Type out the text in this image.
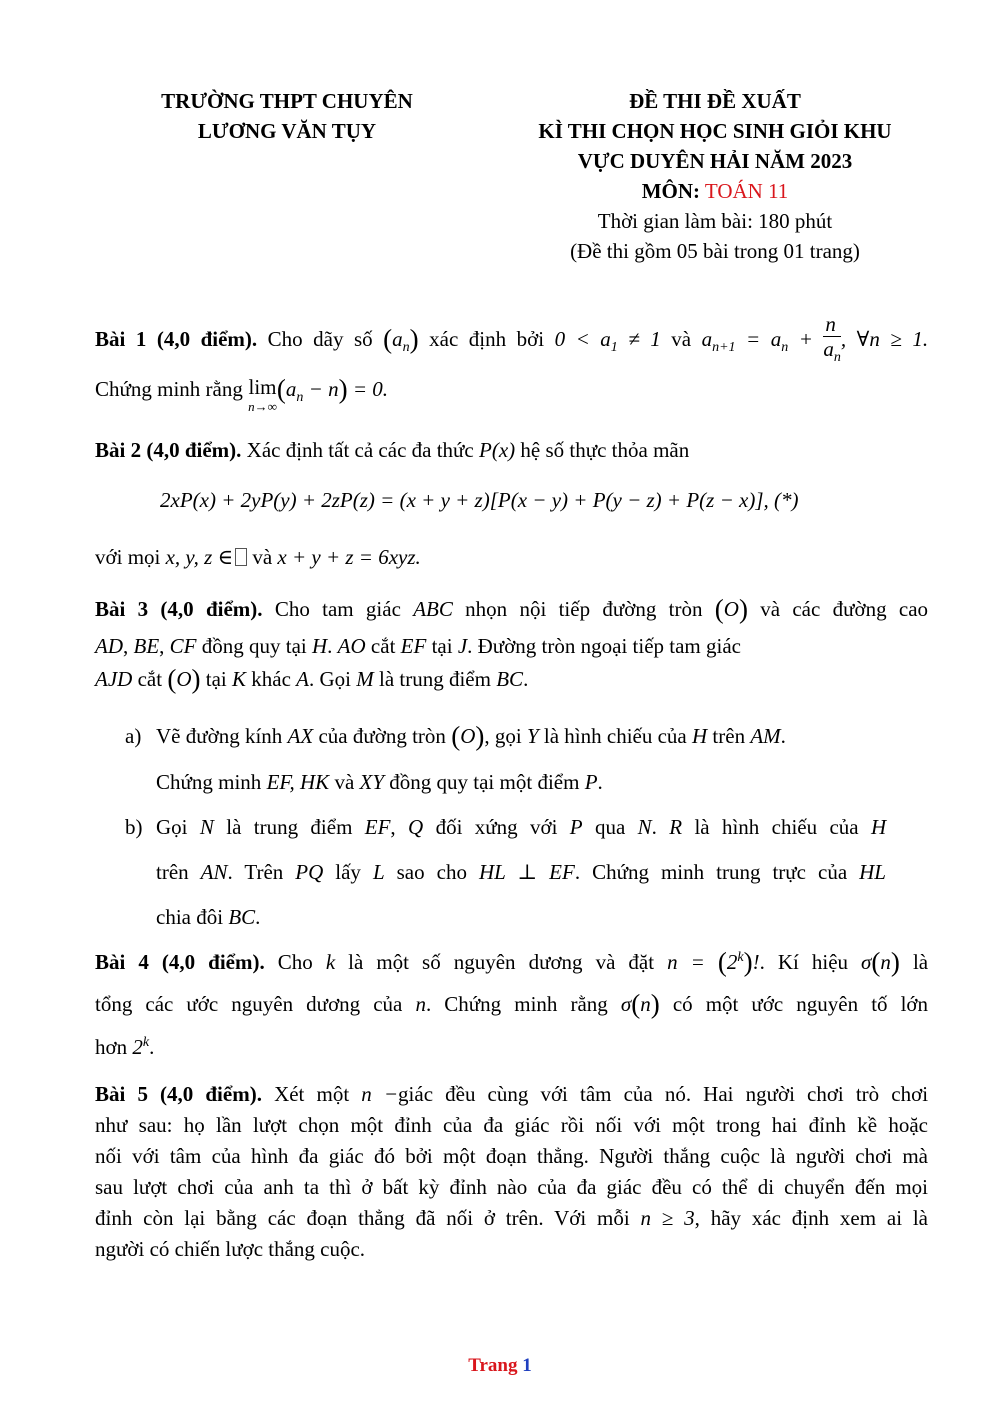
TRƯỜNG THPT CHUYÊN
LƯƠNG VĂN TỤY
ĐỀ THI ĐỀ XUẤT
KÌ THI CHỌN HỌC SINH GIỎI KHU
VỰC DUYÊN HẢI NĂM 2023
MÔN: TOÁN 11
Thời gian làm bài: 180 phút
(Đề thi gồm 05 bài trong 01 trang)
Bài 1 (4,0 điểm). Cho dãy số $(a_n)$ xác định bởi $0 < a_1 \ne 1$ và $a_{n+1} = a_n + \frac{n}{a_n}$ , ∀n ≥ 1.
Chứng minh rằng lim
n→∞
$(a_n - n) = 0$.
Bài 2 (4,0 điểm). Xác định tất cả các đa thức P(x) hệ số thực thỏa mãn
2xP(x) + 2yP(y) + 2zP(z) = (x + y + z)[P(x − y) + P(y − z) + P(z − x)], (*)
với mọi x, y, z ∈ và x + y + z = 6xyz.
Bài 3 (4,0 điểm). Cho tam giác ABC nhọn nội tiếp đường tròn (O) và các đường cao
AD, BE, CF đồng quy tại H. AO cắt EF tại J. Đường tròn ngoại tiếp tam giác
AJD cắt (O) tại K khác A. Gọi M là trung điểm BC.
a) Vẽ đường kính AX của đường tròn (O), gọi Y là hình chiếu của H trên AM.
Chứng minh EF, HK và XY đồng quy tại một điểm P.
b) Gọi N là trung điểm EF, Q đối xứng với P qua N. R là hình chiếu của H
trên AN. Trên PQ lấy L sao cho HL ⊥ EF. Chứng minh trung trực của HL
chia đôi BC.
Bài 4 (4,0 điểm). Cho k là một số nguyên dương và đặt $n = (2^k)$!. Kí hiệu σ(n) là
tổng các ước nguyên dương của n. Chứng minh rằng σ(n) có một ước nguyên tố lớn
hơn 2$^k$.
Bài 5 (4,0 điểm). Xét một n −giác đều cùng với tâm của nó. Hai người chơi trò chơi
như sau: họ lần lượt chọn một đỉnh của đa giác rồi nối với một trong hai đỉnh kề hoặc
nối với tâm của hình đa giác đó bởi một đoạn thẳng. Người thắng cuộc là người chơi mà
sau lượt chơi của anh ta thì ở bất kỳ đỉnh nào của đa giác đều có thể di chuyển đến mọi
đỉnh còn lại bằng các đoạn thẳng đã nối ở trên. Với mỗi n ≥ 3, hãy xác định xem ai là
người có chiến lược thắng cuộc.
Trang 1
